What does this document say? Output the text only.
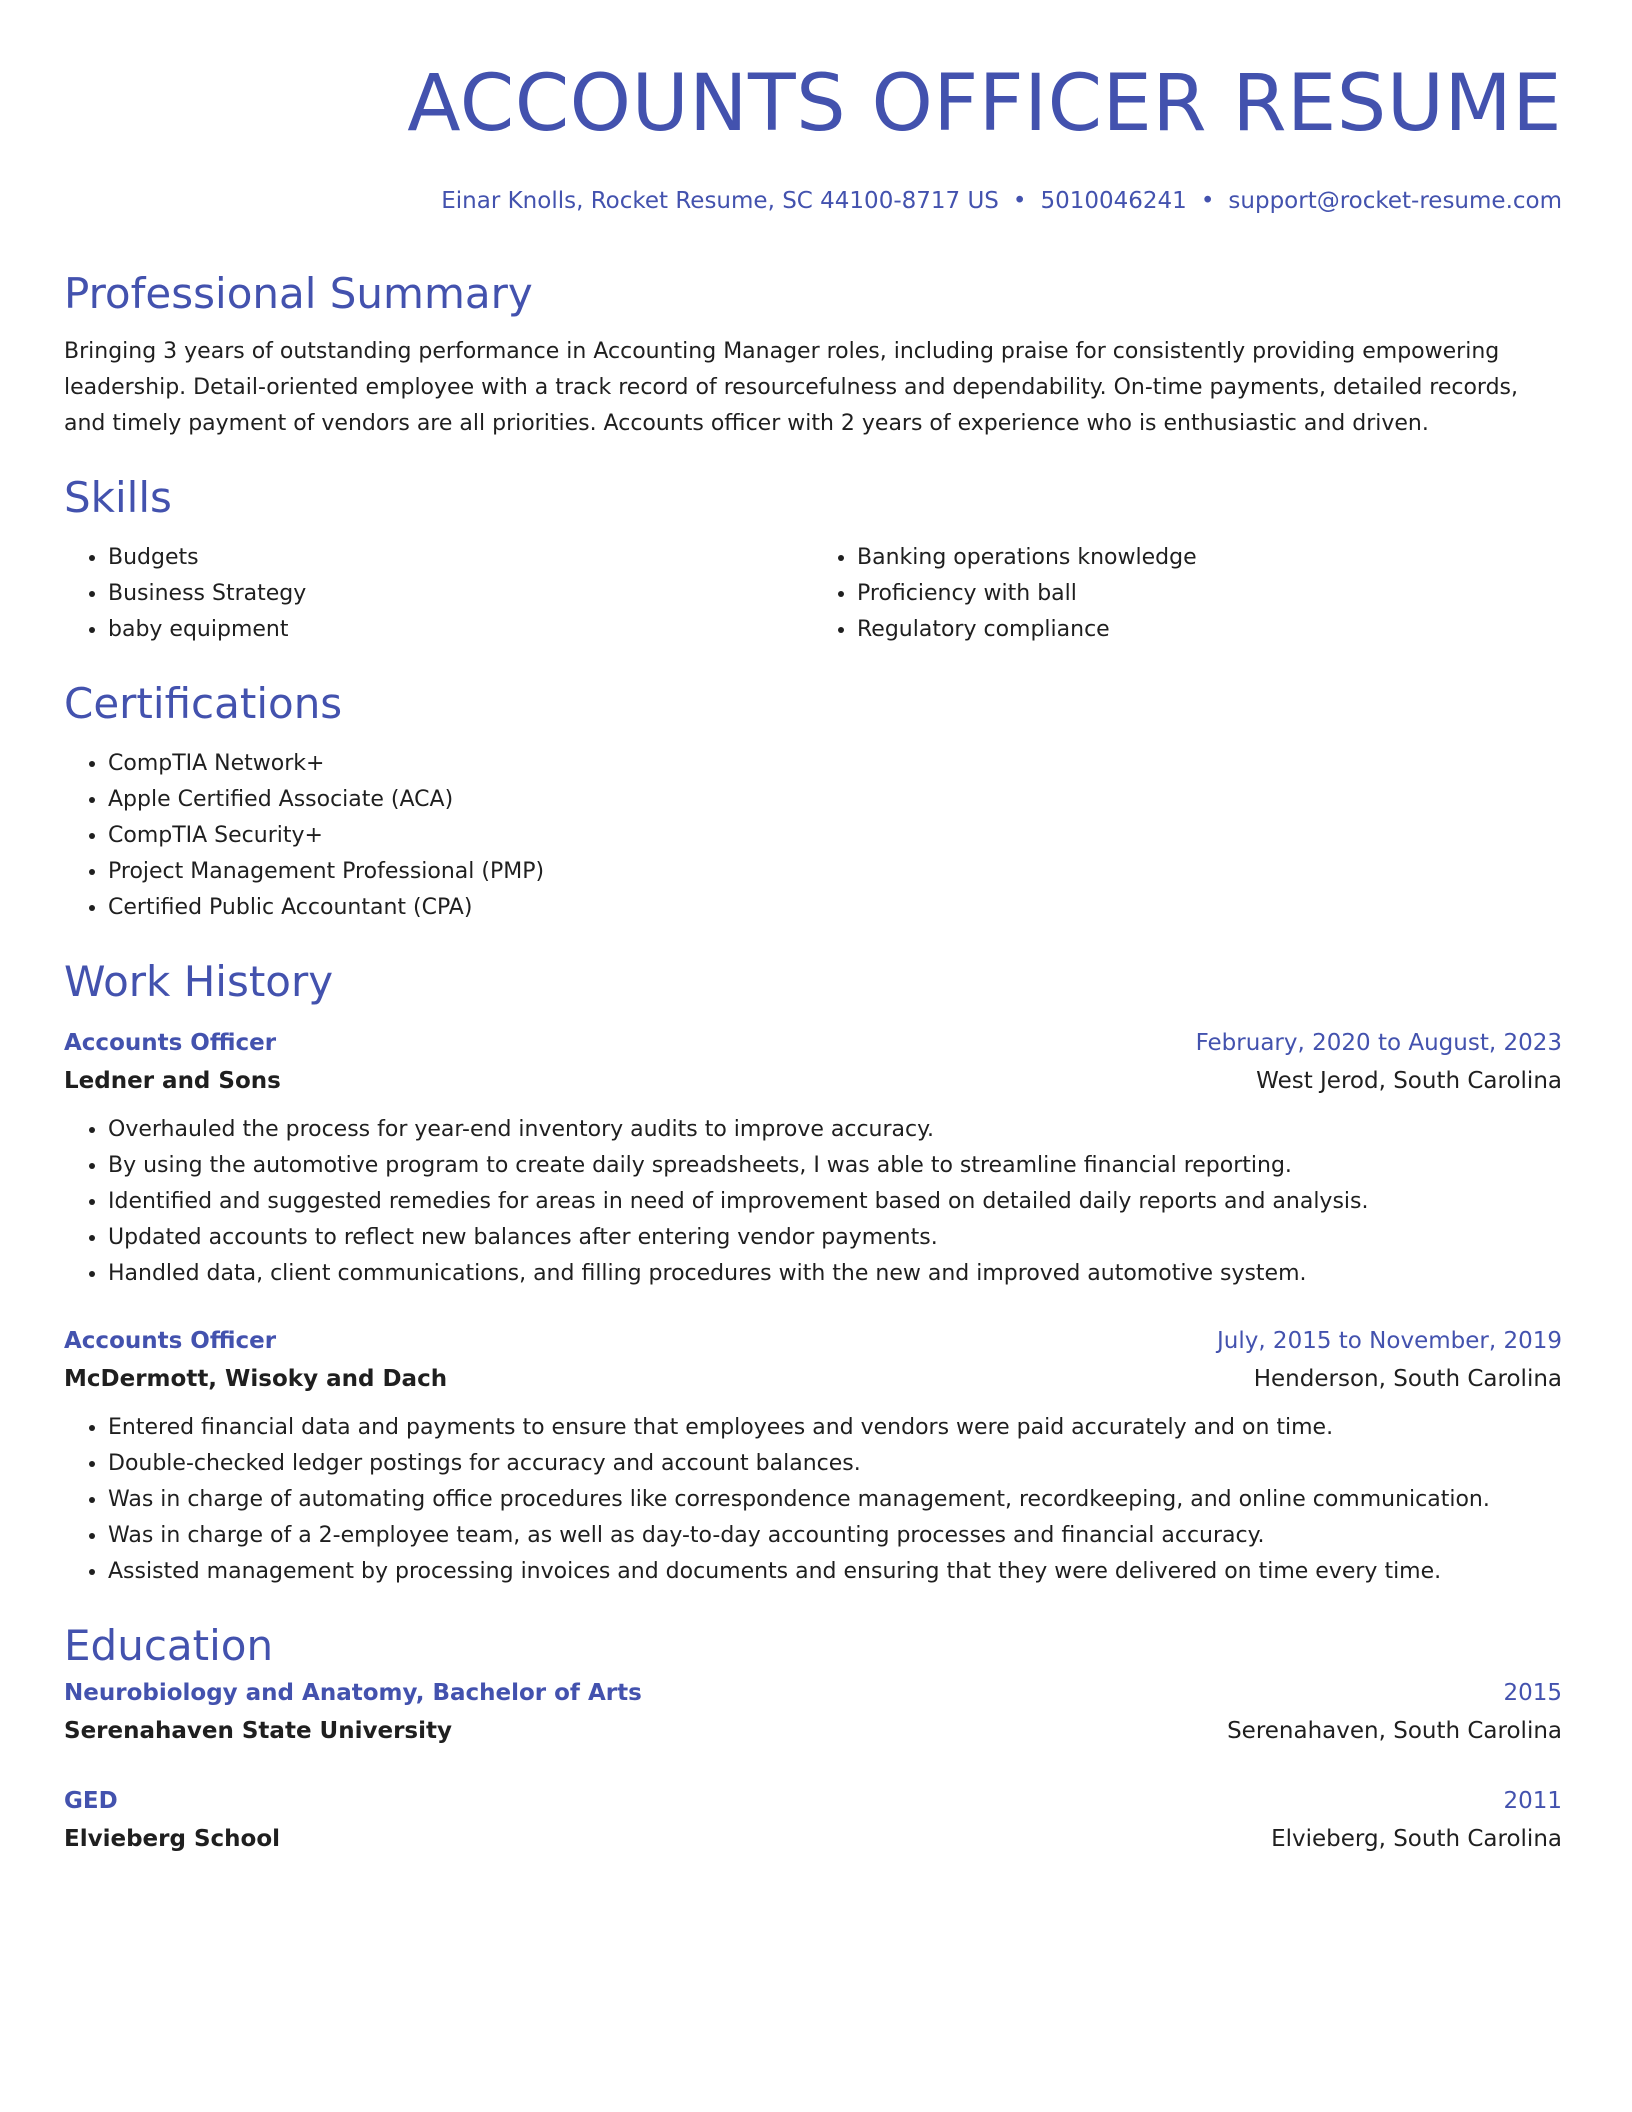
ACCOUNTS OFFICER RESUME
Einar Knolls, Rocket Resume, SC 44100-8717 US • 5010046241 • support@rocket-resume.com
Professional Summary

Bringing 3 years of outstanding performance in Accounting Manager roles, including praise for consistently providing empowering leadership. Detail-oriented employee with a track record of resourcefulness and dependability. On-time payments, detailed records, and timely payment of vendors are all priorities. Accounts officer with 2 years of experience who is enthusiastic and driven.

Skills
• Budgets
• Business Strategy
• baby equipment
• Banking operations knowledge
• Proficiency with ball
• Regulatory compliance
Certifications
• CompTIA Network+
• Apple Certified Associate (ACA)
• CompTIA Security+
• Project Management Professional (PMP)
• Certified Public Accountant (CPA)
Work History
Accounts Officer	February, 2020 to August, 2023
Ledner and Sons	West Jerod, South Carolina
• Overhauled the process for year-end inventory audits to improve accuracy.
• By using the automotive program to create daily spreadsheets, I was able to streamline financial reporting.
• Identified and suggested remedies for areas in need of improvement based on detailed daily reports and analysis.
• Updated accounts to reflect new balances after entering vendor payments.
• Handled data, client communications, and filling procedures with the new and improved automotive system.
Accounts Officer	July, 2015 to November, 2019
McDermott, Wisoky and Dach	Henderson, South Carolina
• Entered financial data and payments to ensure that employees and vendors were paid accurately and on time.
• Double-checked ledger postings for accuracy and account balances.
• Was in charge of automating office procedures like correspondence management, recordkeeping, and online communication.
• Was in charge of a 2-employee team, as well as day-to-day accounting processes and financial accuracy.
• Assisted management by processing invoices and documents and ensuring that they were delivered on time every time.
Education
Neurobiology and Anatomy, Bachelor of Arts	2015
Serenahaven State University	Serenahaven, South Carolina
GED	2011
Elvieberg School	Elvieberg, South Carolina
